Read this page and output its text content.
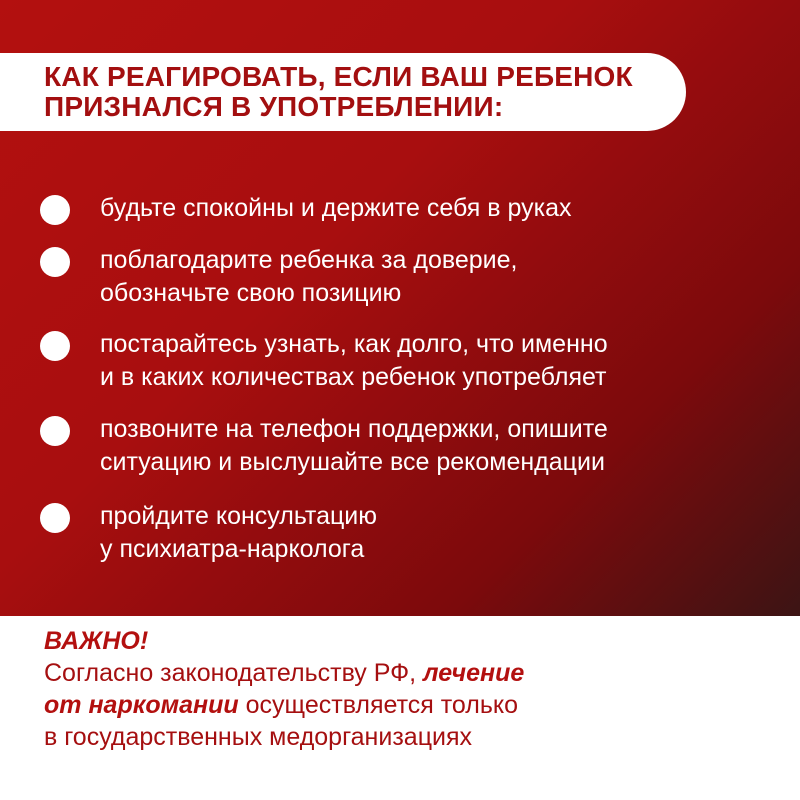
КАК РЕАГИРОВАТЬ, ЕСЛИ ВАШ РЕБЕНОК
ПРИЗНАЛСЯ В УПОТРЕБЛЕНИИ:
будьте спокойны и держите себя в руках
поблагодарите ребенка за доверие,
обозначьте свою позицию
постарайтесь узнать, как долго, что именно
и в каких количествах ребенок употребляет
позвоните на телефон поддержки, опишите
ситуацию и выслушайте все рекомендации
пройдите консультацию
у психиатра-нарколога
ВАЖНО!
Согласно законодательству РФ, лечение
от наркомании осуществляется только
в государственных медорганизациях
